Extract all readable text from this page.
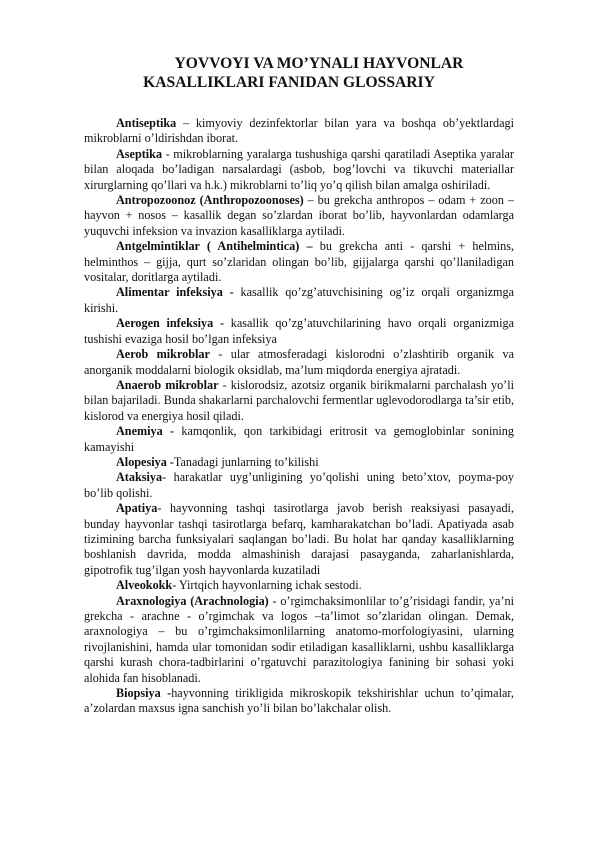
YOVVOYI VA MO’YNALI HAYVONLAR
KASALLIKLARI FANIDAN GLOSSARIY

Antiseptika – kimyoviy dezinfektorlar bilan yara va boshqa ob’yektlardagi mikroblarni o’ldirishdan iborat.

Aseptika - mikroblarning yaralarga tushushiga qarshi qaratiladi Aseptika yaralar bilan aloqada bo’ladigan narsalardagi (asbob, bog’lovchi va tikuvchi materiallar xirurglarning qo’llari va h.k.) mikroblarni to’liq yo’q qilish bilan amalga oshiriladi.

Antropozoonoz (Anthropozoonoses) – bu grekcha anthropos – odam + zoon – hayvon + nosos – kasallik degan so’zlardan iborat bo’lib, hayvonlardan odamlarga yuquvchi infeksion va invazion kasalliklarga aytiladi.

Antgelmintiklar ( Antihelmintica) – bu grekcha anti - qarshi + helmins, helminthos – gijja, qurt so’zlaridan olingan bo’lib, gijjalarga qarshi qo’llaniladigan vositalar, doritlarga aytiladi.

Alimentar infeksiya - kasallik qo’zg’atuvchisining og’iz orqali organizmga kirishi.

Aerogen infeksiya - kasallik qo’zg’atuvchilarining havo orqali organizmiga tushishi evaziga hosil bo’lgan infeksiya

Aerob mikroblar - ular atmosferadagi kislorodni o’zlashtirib organik va anorganik moddalarni biologik oksidlab, ma’lum miqdorda energiya ajratadi.

Anaerob mikroblar - kislorodsiz, azotsiz organik birikmalarni parchalash yo’li bilan bajariladi. Bunda shakarlarni parchalovchi fermentlar uglevodorodlarga ta’sir etib, kislorod va energiya hosil qiladi.

Anemiya - kamqonlik, qon tarkibidagi eritrosit va gemoglobinlar sonining kamayishi

Alopesiya -Tanadagi junlarning to’kilishi

Ataksiya- harakatlar uyg’unligining yo’qolishi uning beto’xtov, poyma-poy bo’lib qolishi.

Apatiya- hayvonning tashqi tasirotlarga javob berish reaksiyasi pasayadi, bunday hayvonlar tashqi tasirotlarga befarq, kamharakatchan bo’ladi. Apatiyada asab tizimining barcha funksiyalari saqlangan bo’ladi. Bu holat har qanday kasalliklarning boshlanish davrida, modda almashinish darajasi pasayganda, zaharlanishlarda, gipotrofik tug’ilgan yosh hayvonlarda kuzatiladi

Alveokokk- Yirtqich hayvonlarning ichak sestodi.

Araxnologiya (Arachnologia) - o’rgimchaksimonlilar to’g’risidagi fandir, ya’ni grekcha - arachne - o’rgimchak va logos –ta’limot so’zlaridan olingan. Demak, araxnologiya – bu o’rgimchaksimonlilarning anatomo-morfologiyasini, ularning rivojlanishini, hamda ular tomonidan sodir etiladigan kasalliklarni, ushbu kasalliklarga qarshi kurash chora-tadbirlarini o’rgatuvchi parazitologiya fanining bir sohasi yoki alohida fan hisoblanadi.

Biopsiya -hayvonning tirikligida mikroskopik tekshirishlar uchun to’qimalar, a’zolardan maxsus igna sanchish yo’li bilan bo’lakchalar olish.
